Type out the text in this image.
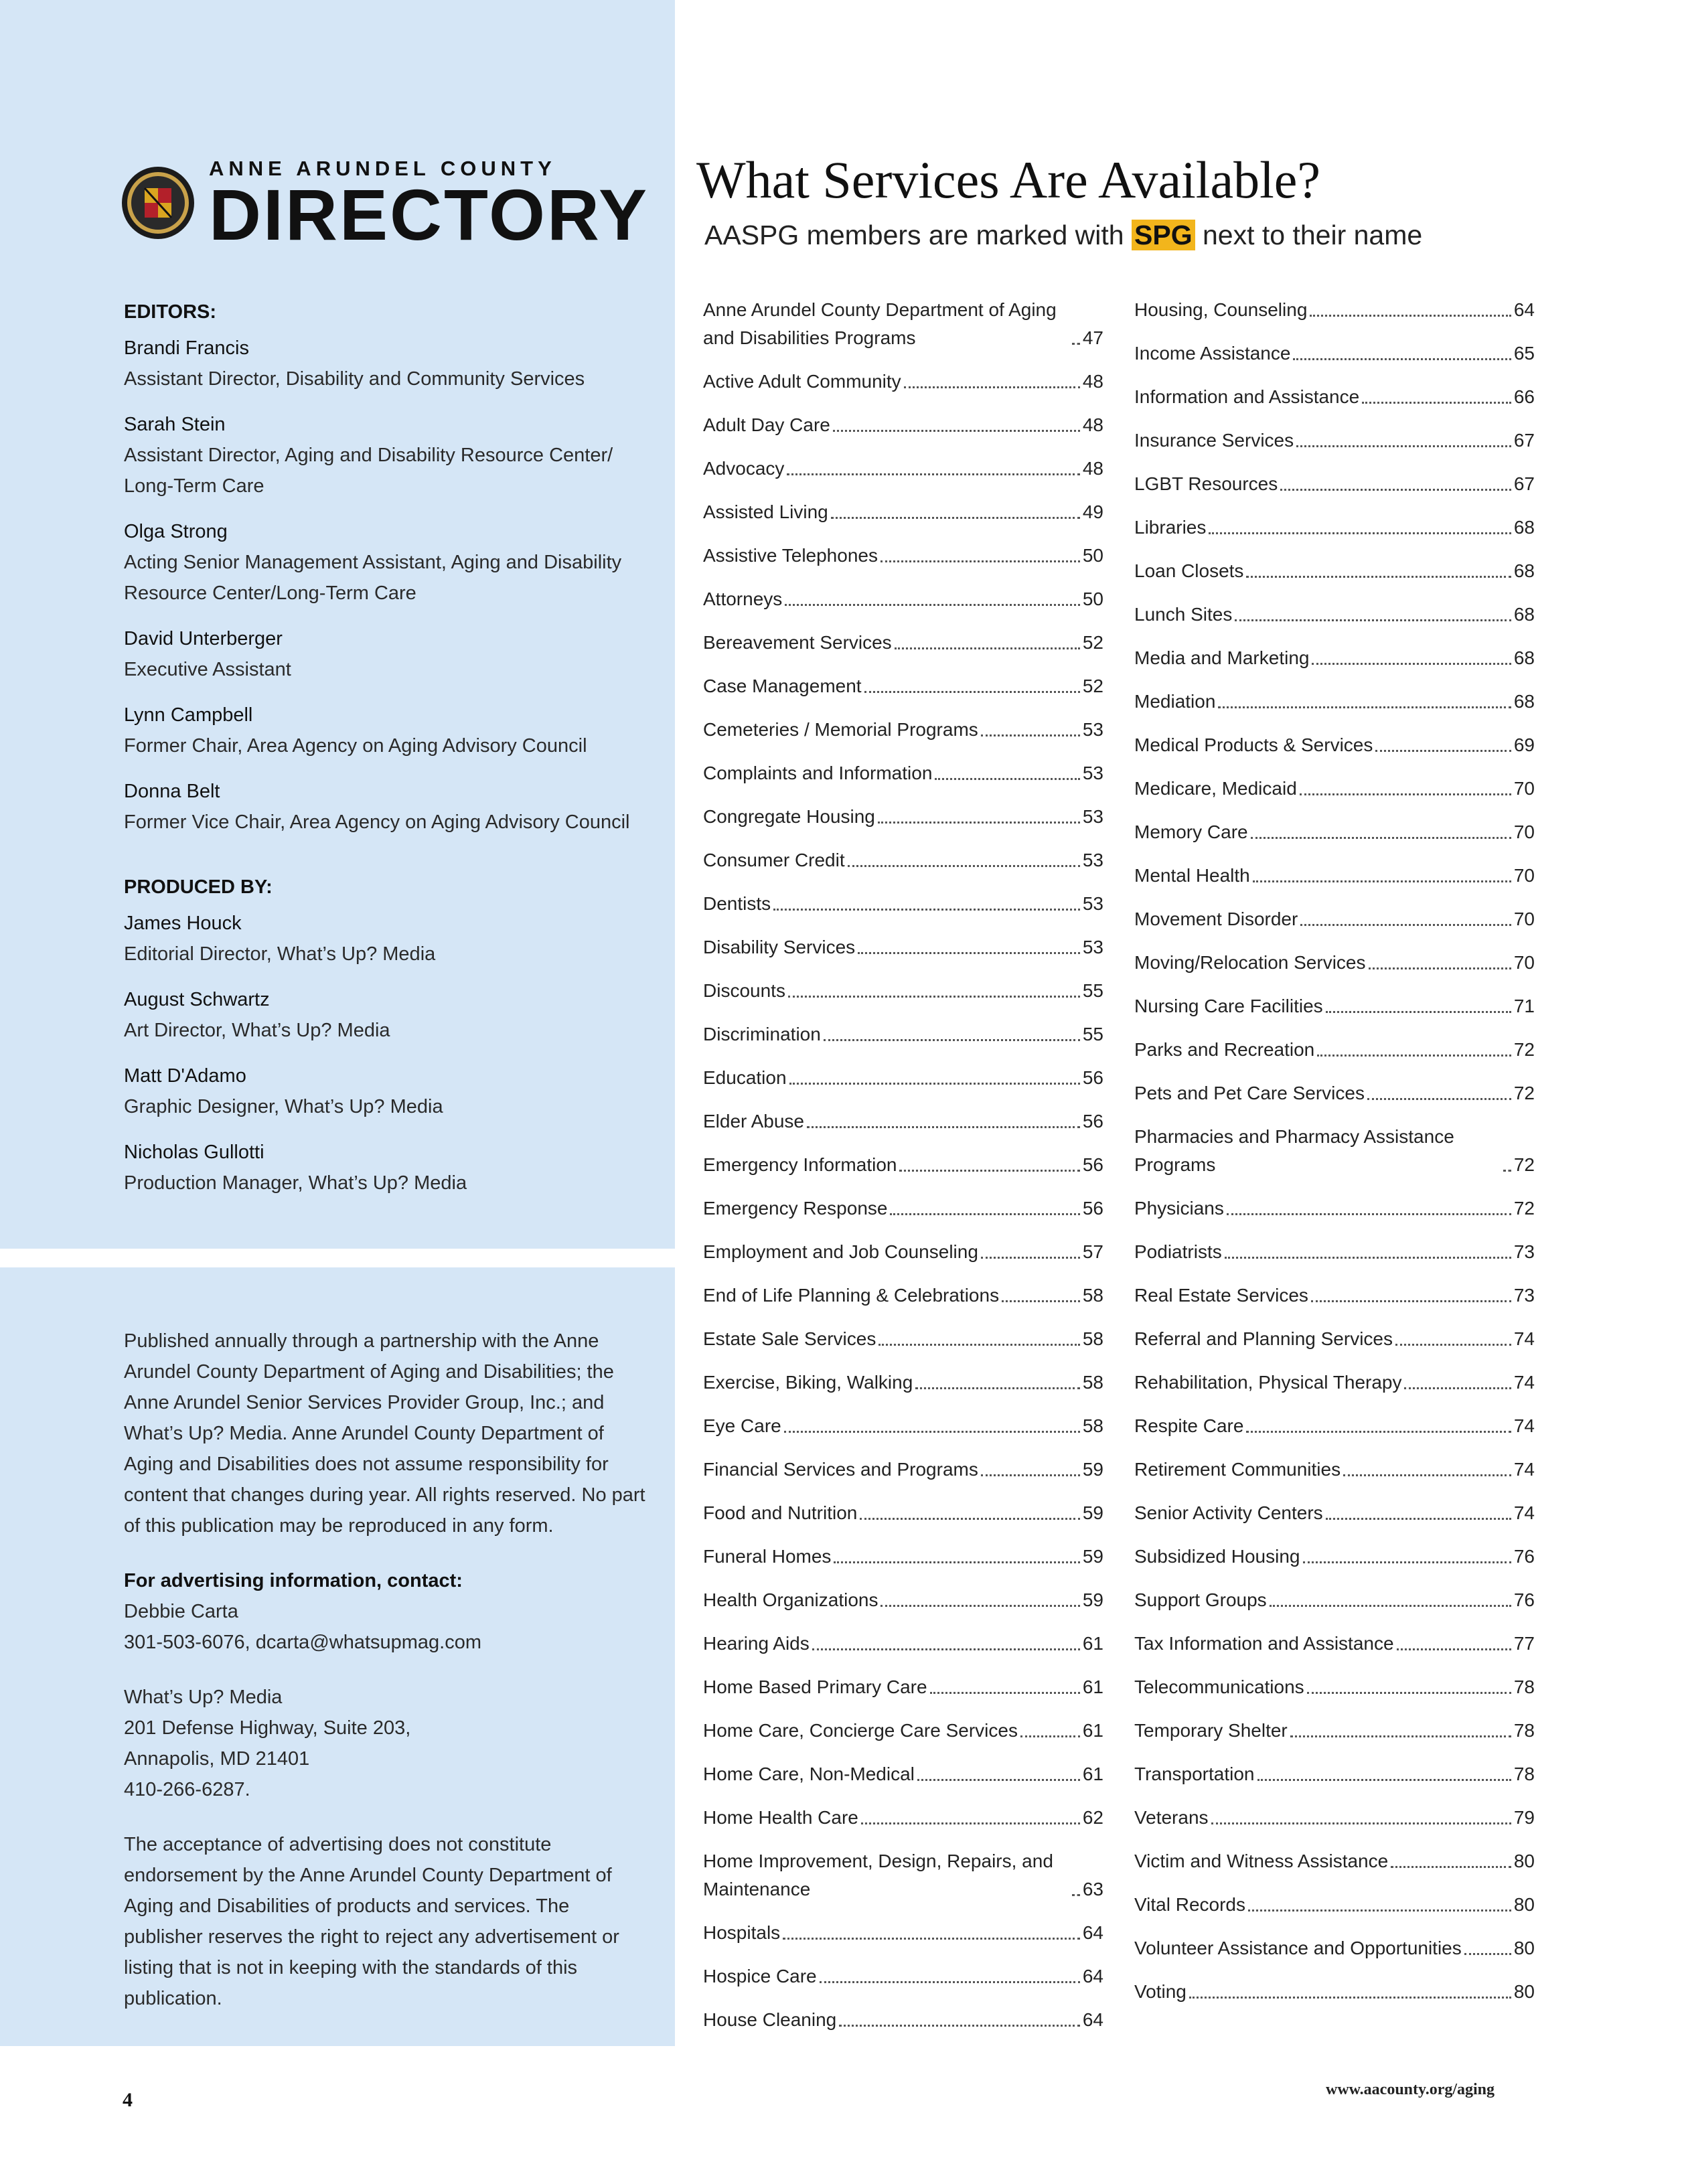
ANNE ARUNDEL COUNTY
DIRECTORY
EDITORS:
Brandi Francis
Assistant Director, Disability and Community Services
Sarah Stein
Assistant Director, Aging and Disability Resource Center/ Long-Term Care
Olga Strong
Acting Senior Management Assistant, Aging and Disability Resource Center/Long-Term Care
David Unterberger
Executive Assistant
Lynn Campbell
Former Chair, Area Agency on Aging Advisory Council
Donna Belt
Former Vice Chair, Area Agency on Aging Advisory Council
PRODUCED BY:
James Houck
Editorial Director, What’s Up? Media
August Schwartz
Art Director, What’s Up? Media
Matt D'Adamo
Graphic Designer, What’s Up? Media
Nicholas Gullotti
Production Manager, What’s Up? Media
Published annually through a partnership with the Anne Arundel County Department of Aging and Disabilities; the Anne Arundel Senior Services Provider Group, Inc.; and What’s Up? Media. Anne Arundel County Department of Aging and Disabilities does not assume responsibility for content that changes during year. All rights reserved. No part of this publication may be reproduced in any form.
For advertising information, contact:
Debbie Carta
301-503-6076, dcarta@whatsupmag.com
What’s Up? Media
201 Defense Highway, Suite 203,
Annapolis, MD 21401
410-266-6287.
The acceptance of advertising does not constitute endorsement by the Anne Arundel County Department of Aging and Disabilities of products and services. The publisher reserves the right to reject any advertisement or listing that is not in keeping with the standards of this publication.
What Services Are Available?
AASPG members are marked with SPG next to their name
Anne Arundel County Department of Aging and Disabilities Programs	47
Active Adult Community	48
Adult Day Care	48
Advocacy	48
Assisted Living	49
Assistive Telephones	50
Attorneys	50
Bereavement Services	52
Case Management	52
Cemeteries / Memorial Programs	53
Complaints and Information	53
Congregate Housing	53
Consumer Credit	53
Dentists	53
Disability Services	53
Discounts	55
Discrimination	55
Education	56
Elder Abuse	56
Emergency Information	56
Emergency Response	56
Employment and Job Counseling	57
End of Life Planning & Celebrations	58
Estate Sale Services	58
Exercise, Biking, Walking	58
Eye Care	58
Financial Services and Programs	59
Food and Nutrition	59
Funeral Homes	59
Health Organizations	59
Hearing Aids	61
Home Based Primary Care	61
Home Care, Concierge Care Services	61
Home Care, Non-Medical	61
Home Health Care	62
Home Improvement, Design, Repairs, and Maintenance	63
Hospitals	64
Hospice Care	64
House Cleaning	64
Housing, Counseling	64
Income Assistance	65
Information and Assistance	66
Insurance Services	67
LGBT Resources	67
Libraries	68
Loan Closets	68
Lunch Sites	68
Media and Marketing	68
Mediation	68
Medical Products & Services	69
Medicare, Medicaid	70
Memory Care	70
Mental Health	70
Movement Disorder	70
Moving/Relocation Services	70
Nursing Care Facilities	71
Parks and Recreation	72
Pets and Pet Care Services	72
Pharmacies and Pharmacy Assistance Programs	72
Physicians	72
Podiatrists	73
Real Estate Services	73
Referral and Planning Services	74
Rehabilitation, Physical Therapy	74
Respite Care	74
Retirement Communities	74
Senior Activity Centers	74
Subsidized Housing	76
Support Groups	76
Tax Information and Assistance	77
Telecommunications	78
Temporary Shelter	78
Transportation	78
Veterans	79
Victim and Witness Assistance	80
Vital Records	80
Volunteer Assistance and Opportunities	80
Voting	80
4	www.aacounty.org/aging
